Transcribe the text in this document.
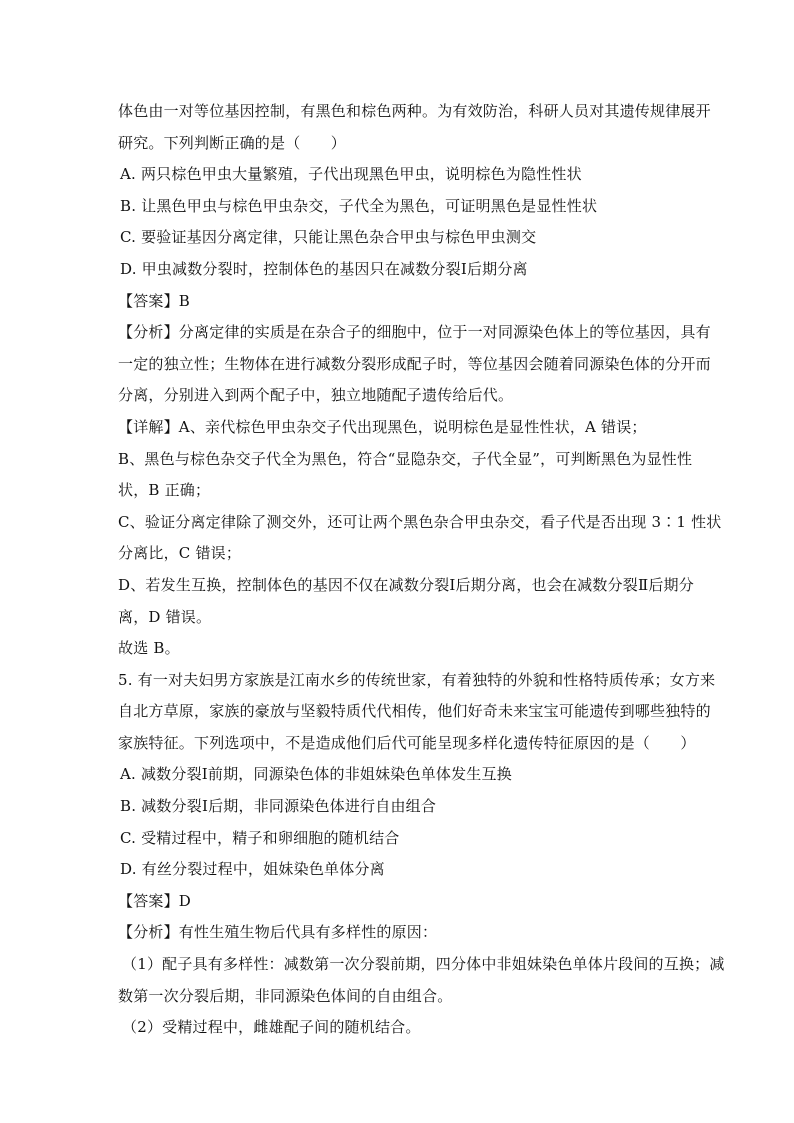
体色由一对等位基因控制，有黑色和棕色两种。为有效防治，科研人员对其遗传规律展开
研究。下列判断正确的是（　　）
A. 两只棕色甲虫大量繁殖，子代出现黑色甲虫，说明棕色为隐性性状
B. 让黑色甲虫与棕色甲虫杂交，子代全为黑色，可证明黑色是显性性状
C. 要验证基因分离定律，只能让黑色杂合甲虫与棕色甲虫测交
D. 甲虫减数分裂时，控制体色的基因只在减数分裂Ⅰ后期分离
【答案】B
【分析】分离定律的实质是在杂合子的细胞中，位于一对同源染色体上的等位基因，具有
一定的独立性；生物体在进行减数分裂形成配子时，等位基因会随着同源染色体的分开而
分离，分别进入到两个配子中，独立地随配子遗传给后代。
【详解】A、亲代棕色甲虫杂交子代出现黑色，说明棕色是显性性状，A 错误；
B、黑色与棕色杂交子代全为黑色，符合“显隐杂交，子代全显”，可判断黑色为显性性
状，B 正确；
C、验证分离定律除了测交外，还可让两个黑色杂合甲虫杂交，看子代是否出现 3∶1 性状
分离比，C 错误；
D、若发生互换，控制体色的基因不仅在减数分裂Ⅰ后期分离，也会在减数分裂Ⅱ后期分
离，D 错误。
故选 B。
5. 有一对夫妇男方家族是江南水乡的传统世家，有着独特的外貌和性格特质传承；女方来
自北方草原，家族的豪放与坚毅特质代代相传，他们好奇未来宝宝可能遗传到哪些独特的
家族特征。下列选项中，不是造成他们后代可能呈现多样化遗传特征原因的是（　　）
A. 减数分裂Ⅰ前期，同源染色体的非姐妹染色单体发生互换
B. 减数分裂Ⅰ后期，非同源染色体进行自由组合
C. 受精过程中，精子和卵细胞的随机结合
D. 有丝分裂过程中，姐妹染色单体分离
【答案】D
【分析】有性生殖生物后代具有多样性的原因：
（1）配子具有多样性：减数第一次分裂前期，四分体中非姐妹染色单体片段间的互换；减
数第一次分裂后期，非同源染色体间的自由组合。
（2）受精过程中，雌雄配子间的随机结合。
